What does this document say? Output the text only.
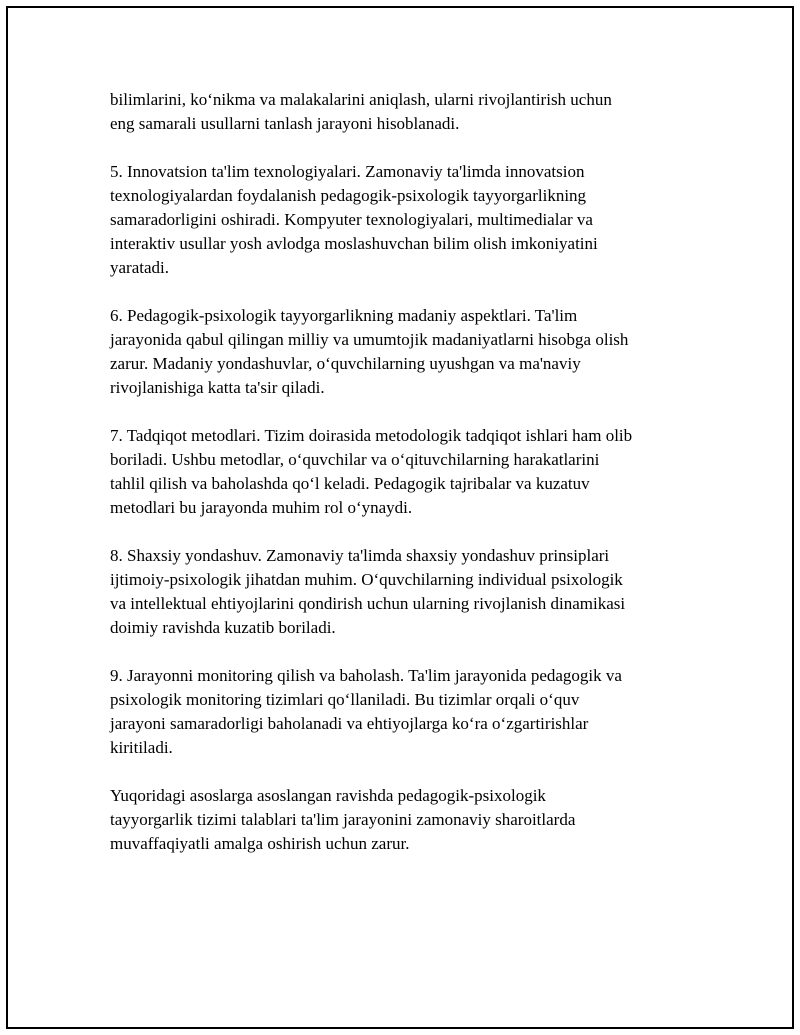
bilimlarini, ko‘nikma va malakalarini aniqlash, ularni rivojlantirish uchun
eng samarali usullarni tanlash jarayoni hisoblanadi.

5. Innovatsion ta'lim texnologiyalari. Zamonaviy ta'limda innovatsion
texnologiyalardan foydalanish pedagogik-psixologik tayyorgarlikning
samaradorligini oshiradi. Kompyuter texnologiyalari, multimedialar va
interaktiv usullar yosh avlodga moslashuvchan bilim olish imkoniyatini
yaratadi.

6. Pedagogik-psixologik tayyorgarlikning madaniy aspektlari. Ta'lim
jarayonida qabul qilingan milliy va umumtojik madaniyatlarni hisobga olish
zarur. Madaniy yondashuvlar, o‘quvchilarning uyushgan va ma'naviy
rivojlanishiga katta ta'sir qiladi.

7. Tadqiqot metodlari. Tizim doirasida metodologik tadqiqot ishlari ham olib
boriladi. Ushbu metodlar, o‘quvchilar va o‘qituvchilarning harakatlarini
tahlil qilish va baholashda qo‘l keladi. Pedagogik tajribalar va kuzatuv
metodlari bu jarayonda muhim rol o‘ynaydi.

8. Shaxsiy yondashuv. Zamonaviy ta'limda shaxsiy yondashuv prinsiplari
ijtimoiy-psixologik jihatdan muhim. O‘quvchilarning individual psixologik
va intellektual ehtiyojlarini qondirish uchun ularning rivojlanish dinamikasi
doimiy ravishda kuzatib boriladi.

9. Jarayonni monitoring qilish va baholash. Ta'lim jarayonida pedagogik va
psixologik monitoring tizimlari qo‘llaniladi. Bu tizimlar orqali o‘quv
jarayoni samaradorligi baholanadi va ehtiyojlarga ko‘ra o‘zgartirishlar
kiritiladi.

Yuqoridagi asoslarga asoslangan ravishda pedagogik-psixologik
tayyorgarlik tizimi talablari ta'lim jarayonini zamonaviy sharoitlarda
muvaffaqiyatli amalga oshirish uchun zarur.
